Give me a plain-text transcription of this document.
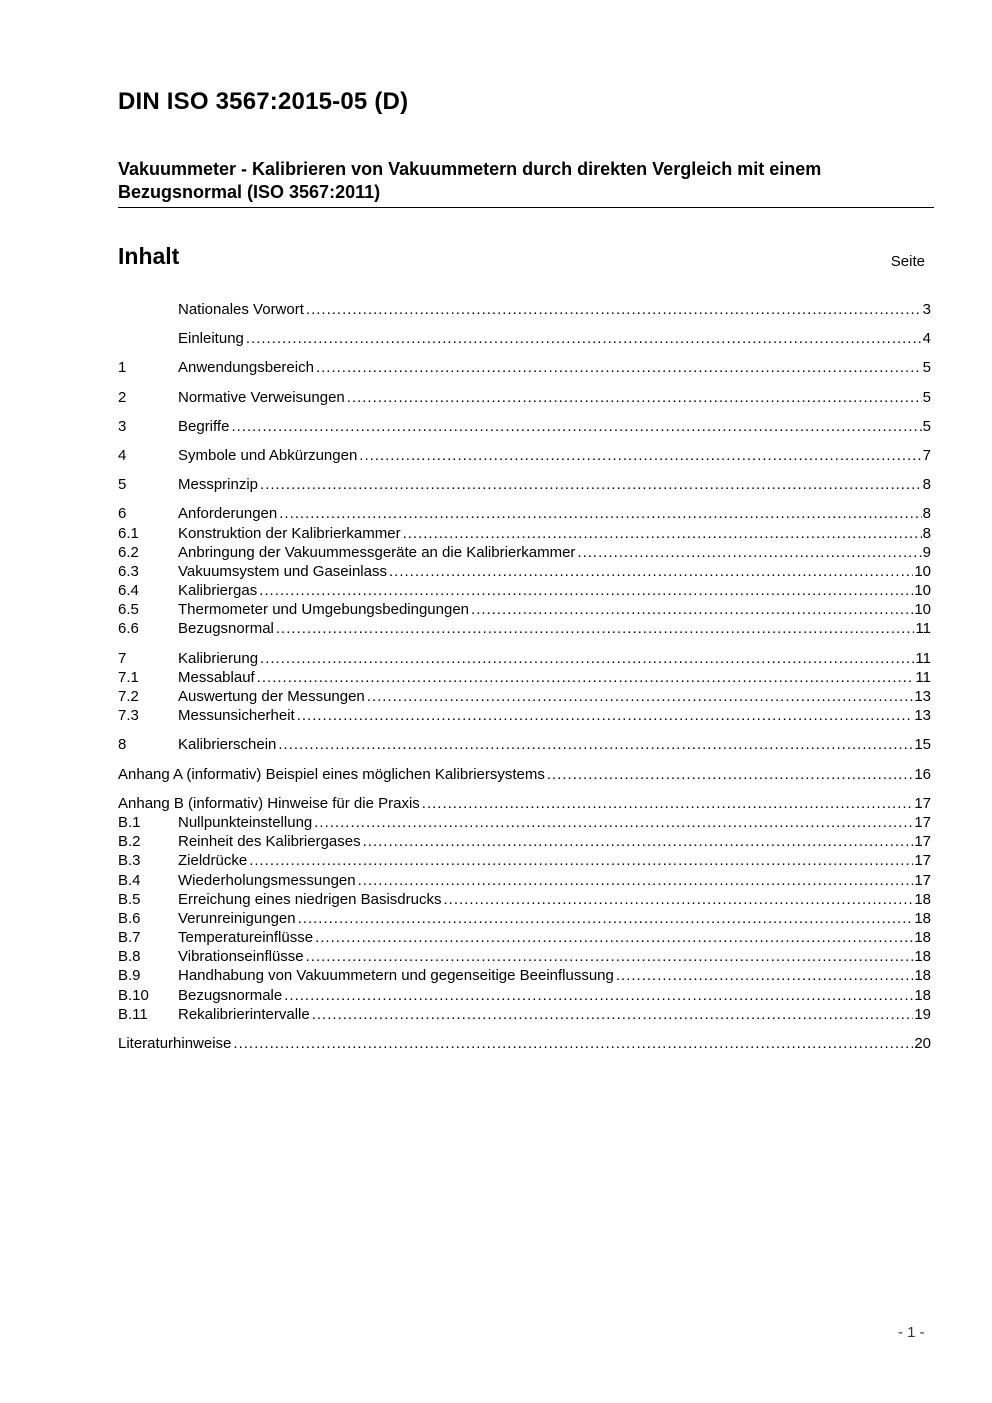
DIN ISO 3567:2015-05 (D)
Vakuummeter - Kalibrieren von Vakuummetern durch direkten Vergleich mit einem Bezugsnormal (ISO 3567:2011)
Inhalt	Seite
Nationales Vorwort .....	3
Einleitung .....	4
1	Anwendungsbereich .....	5
2	Normative Verweisungen .....	5
3	Begriffe .....	5
4	Symbole und Abkürzungen .....	7
5	Messprinzip .....	8
6	Anforderungen .....	8
6.1	Konstruktion der Kalibrierkammer .....	8
6.2	Anbringung der Vakuummessgeräte an die Kalibrierkammer .....	9
6.3	Vakuumsystem und Gaseinlass .....	10
6.4	Kalibriergas .....	10
6.5	Thermometer und Umgebungsbedingungen .....	10
6.6	Bezugsnormal .....	11
7	Kalibrierung .....	11
7.1	Messablauf .....	11
7.2	Auswertung der Messungen .....	13
7.3	Messunsicherheit .....	13
8	Kalibrierschein .....	15
Anhang A (informativ) Beispiel eines möglichen Kalibriersystems .....	16
Anhang B (informativ) Hinweise für die Praxis .....	17
B.1	Nullpunkteinstellung .....	17
B.2	Reinheit des Kalibriergases .....	17
B.3	Zieldrücke .....	17
B.4	Wiederholungsmessungen .....	17
B.5	Erreichung eines niedrigen Basisdrucks .....	18
B.6	Verunreinigungen .....	18
B.7	Temperatureinflüsse .....	18
B.8	Vibrationseinflüsse .....	18
B.9	Handhabung von Vakuummetern und gegenseitige Beeinflussung .....	18
B.10	Bezugsnormale .....	18
B.11	Rekalibrierintervalle .....	19
Literaturhinweise .....	20
- 1 -
